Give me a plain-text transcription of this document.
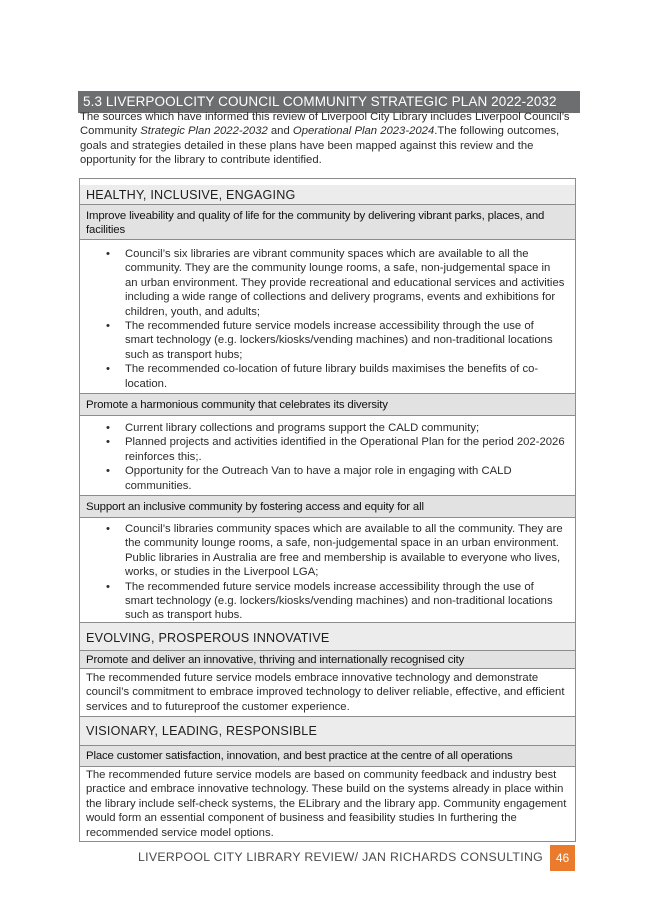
5.3 LIVERPOOLCITY COUNCIL COMMUNITY STRATEGIC PLAN 2022-2032

The sources which have informed this review of Liverpool City Library includes Liverpool Council’s Community Strategic Plan 2022-2032 and Operational Plan 2023-2024.The following outcomes, goals and strategies detailed in these plans have been mapped against this review and the opportunity for the library to contribute identified.

HEALTHY, INCLUSIVE, ENGAGING
Improve liveability and quality of life for the community by delivering vibrant parks, places, and facilities
• Council’s six libraries are vibrant community spaces which are available to all the community. They are the community lounge rooms, a safe, non-judgemental space in an urban environment. They provide recreational and educational services and activities including a wide range of collections and delivery programs, events and exhibitions for children, youth, and adults;
• The recommended future service models increase accessibility through the use of smart technology (e.g. lockers/kiosks/vending machines) and non-traditional locations such as transport hubs;
• The recommended co-location of future library builds maximises the benefits of co-location.
Promote a harmonious community that celebrates its diversity
• Current library collections and programs support the CALD community;
• Planned projects and activities identified in the Operational Plan for the period 202-2026 reinforces this;.
• Opportunity for the Outreach Van to have a major role in engaging with CALD communities.
Support an inclusive community by fostering access and equity for all
• Council’s libraries community spaces which are available to all the community. They are the community lounge rooms, a safe, non-judgemental space in an urban environment. Public libraries in Australia are free and membership is available to everyone who lives, works, or studies in the Liverpool LGA;
• The recommended future service models increase accessibility through the use of smart technology (e.g. lockers/kiosks/vending machines) and non-traditional locations such as transport hubs.
EVOLVING, PROSPEROUS INNOVATIVE
Promote and deliver an innovative, thriving and internationally recognised city
The recommended future service models embrace innovative technology and demonstrate council’s commitment to embrace improved technology to deliver reliable, effective, and efficient services and to futureproof the customer experience.
VISIONARY, LEADING, RESPONSIBLE
Place customer satisfaction, innovation, and best practice at the centre of all operations
The recommended future service models are based on community feedback and industry best practice and embrace innovative technology. These build on the systems already in place within the library include self-check systems, the ELibrary and the library app. Community engagement would form an essential component of business and feasibility studies In furthering the recommended service model options.
LIVERPOOL CITY LIBRARY REVIEW/ JAN RICHARDS CONSULTING	46
